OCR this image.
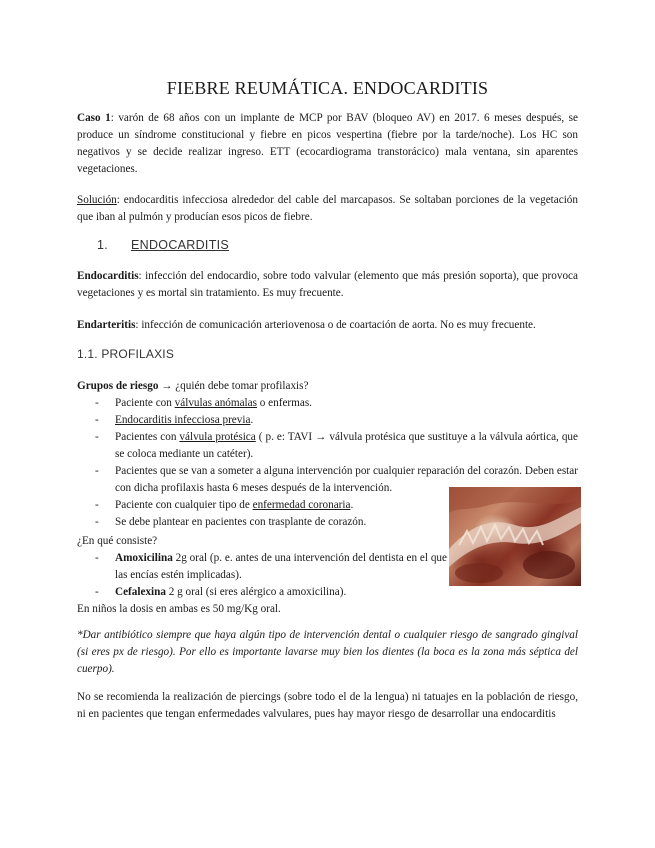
FIEBRE REUMÁTICA. ENDOCARDITIS

Caso 1: varón de 68 años con un implante de MCP por BAV (bloqueo AV) en 2017. 6 meses después, se produce un síndrome constitucional y fiebre en picos vespertina (fiebre por la tarde/noche). Los HC son negativos y se decide realizar ingreso. ETT (ecocardiograma transtorácico) mala ventana, sin aparentes vegetaciones.

Solución: endocarditis infecciosa alrededor del cable del marcapasos. Se soltaban porciones de la vegetación que iban al pulmón y producían esos picos de fiebre.

1. ENDOCARDITIS

Endocarditis: infección del endocardio, sobre todo valvular (elemento que más presión soporta), que provoca vegetaciones y es mortal sin tratamiento. Es muy frecuente.

Endarteritis: infección de comunicación arteriovenosa o de coartación de aorta. No es muy frecuente.

1.1. PROFILAXIS

Grupos de riesgo → ¿quién debe tomar profilaxis?

- Paciente con válvulas anómalas o enfermas.
- Endocarditis infecciosa previa.
- Pacientes con válvula protésica ( p. e: TAVI → válvula protésica que sustituye a la válvula aórtica, que se coloca mediante un catéter).
- Pacientes que se van a someter a alguna intervención por cualquier reparación del corazón. Deben estar con dicha profilaxis hasta 6 meses después de la intervención.
- Paciente con cualquier tipo de enfermedad coronaria.
- Se debe plantear en pacientes con trasplante de corazón.

¿En qué consiste?

- Amoxicilina 2g oral (p. e. antes de una intervención del dentista en el que las encías estén implicadas).
- Cefalexina 2 g oral (si eres alérgico a amoxicilina).

En niños la dosis en ambas es 50 mg/Kg oral.

*Dar antibiótico siempre que haya algún tipo de intervención dental o cualquier riesgo de sangrado gingival (si eres px de riesgo). Por ello es importante lavarse muy bien los dientes (la boca es la zona más séptica del cuerpo).

No se recomienda la realización de piercings (sobre todo el de la lengua) ni tatuajes en la población de riesgo, ni en pacientes que tengan enfermedades valvulares, pues hay mayor riesgo de desarrollar una endocarditis
